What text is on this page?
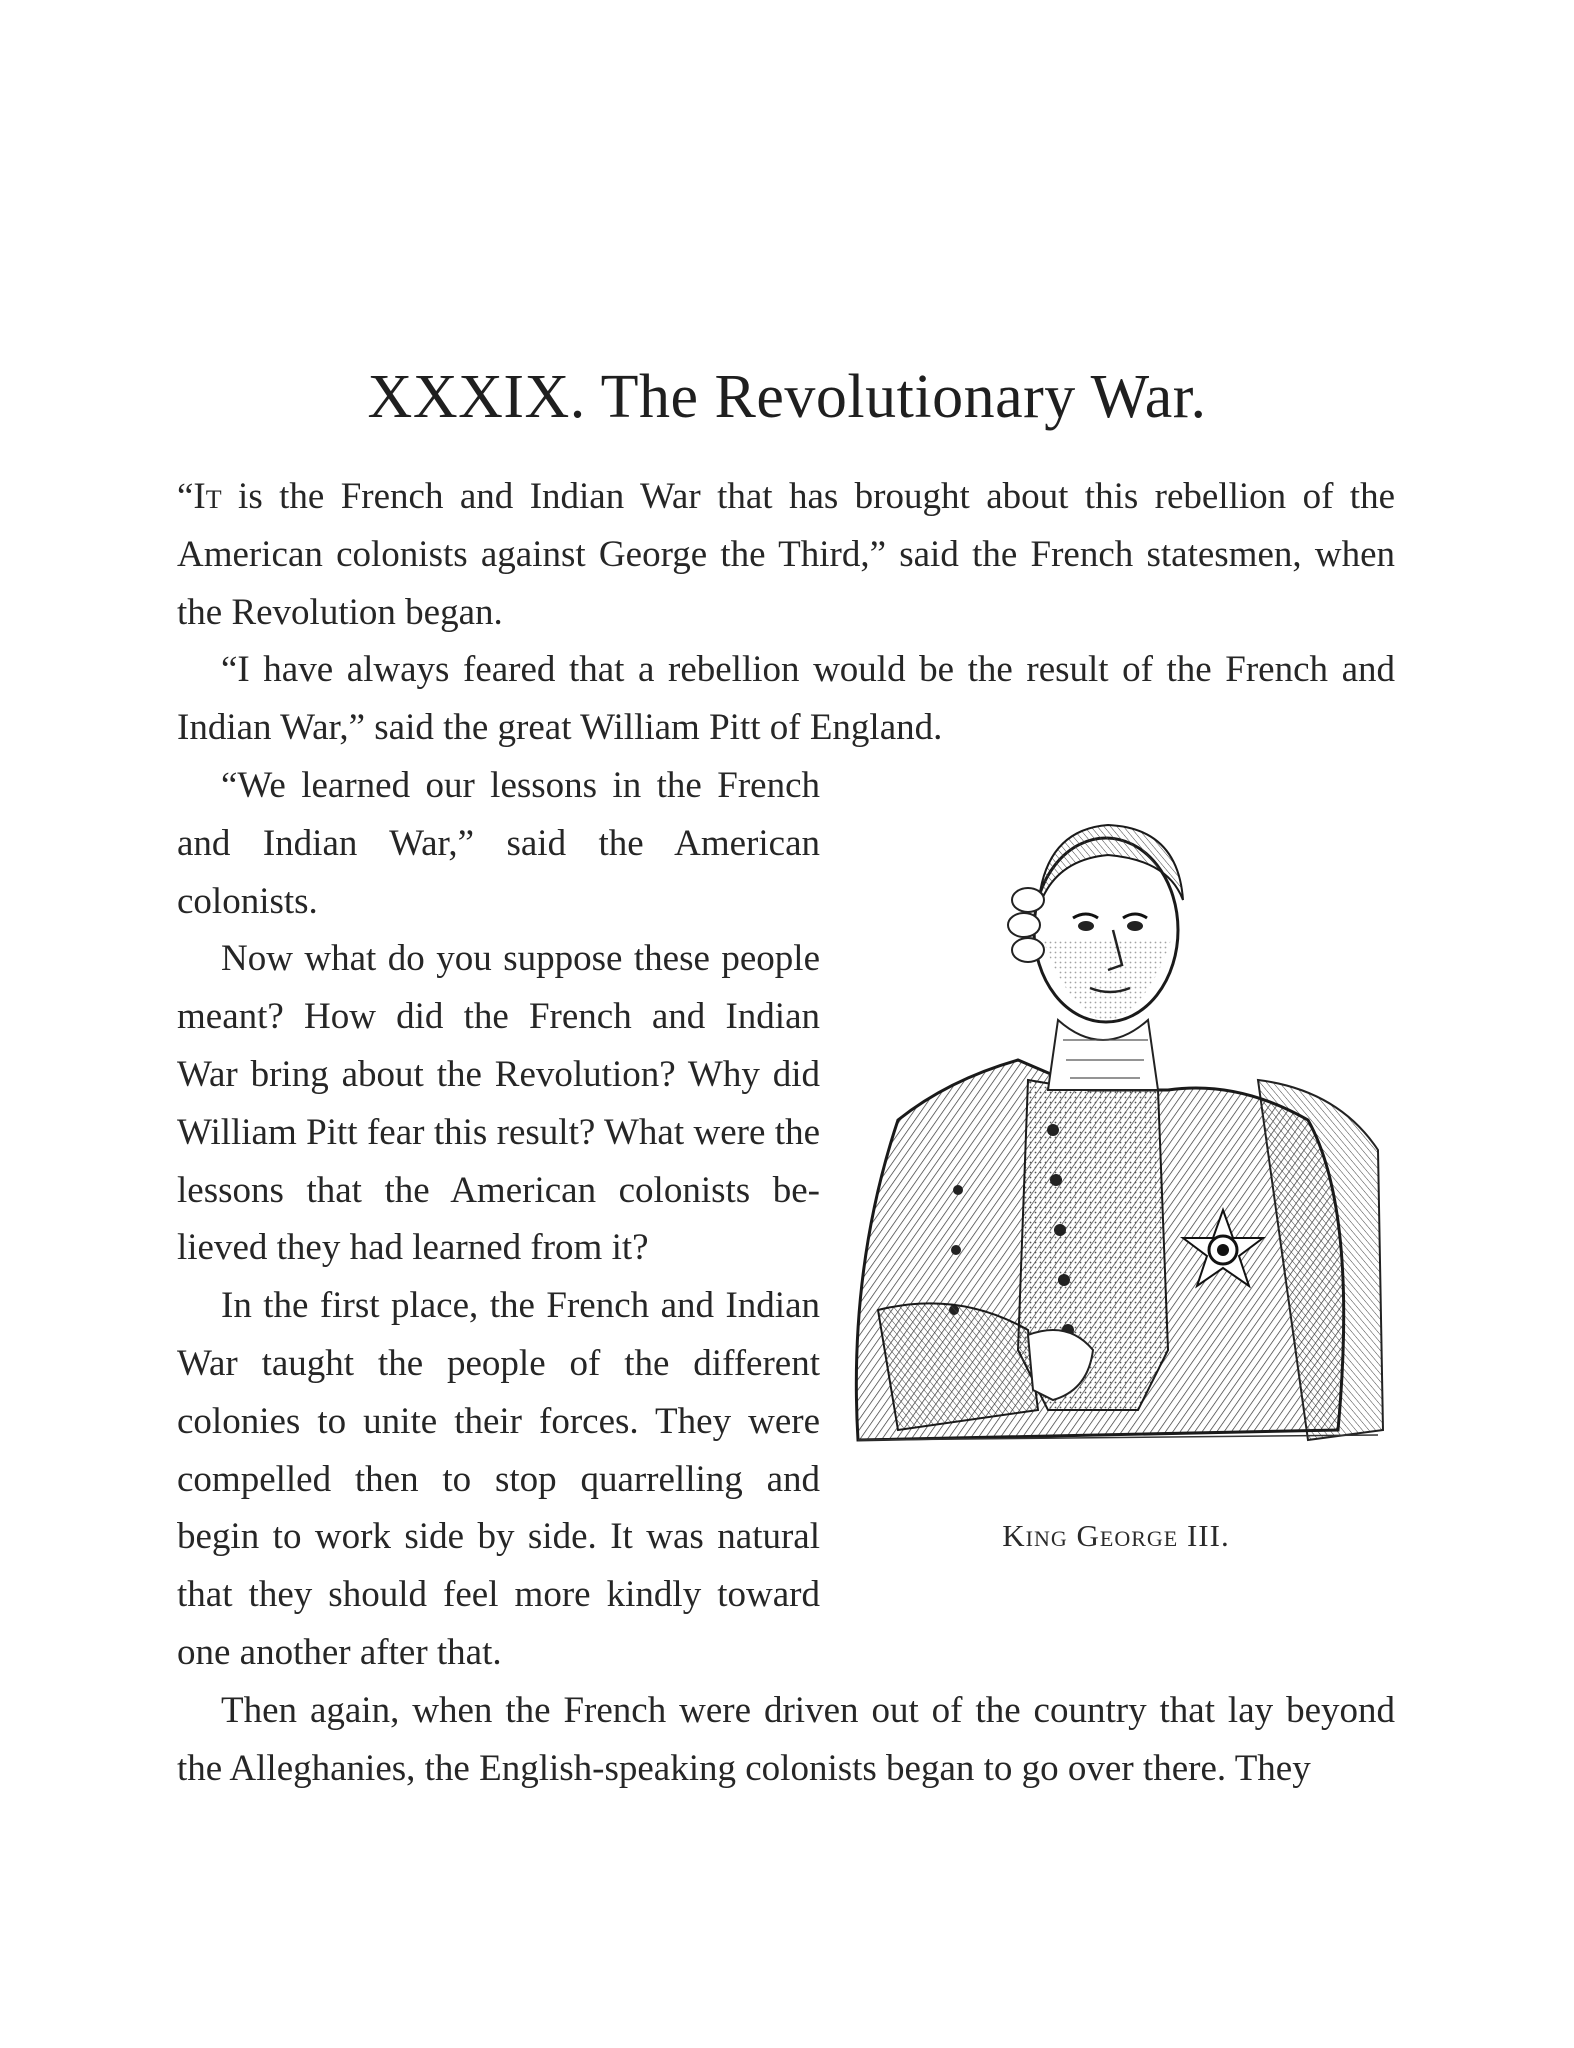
XXXIX. The Revolutionary War.

“It is the French and Indian War that has brought about this rebellion of the American colonists against George the Third,” said the French statesmen, when the Revolution began.

“I have always feared that a rebellion would be the result of the French and Indian War,” said the great William Pitt of England.

“We learned our lessons in the French and Indian War,” said the American colonists.

Now what do you suppose these people meant? How did the French and Indian War bring about the Revolution? Why did William Pitt fear this result? What were the lessons that the American colonists believed they had learned from it?

In the first place, the French and Indian War taught the people of the different colonies to unite their forces. They were compelled then to stop quarrelling and begin to work side by side. It was natural that they should feel more kindly toward one another after that.

Then again, when the French were driven out of the country that lay beyond the Alleghanies, the English-speaking colonists began to go over there. They

King George III.
